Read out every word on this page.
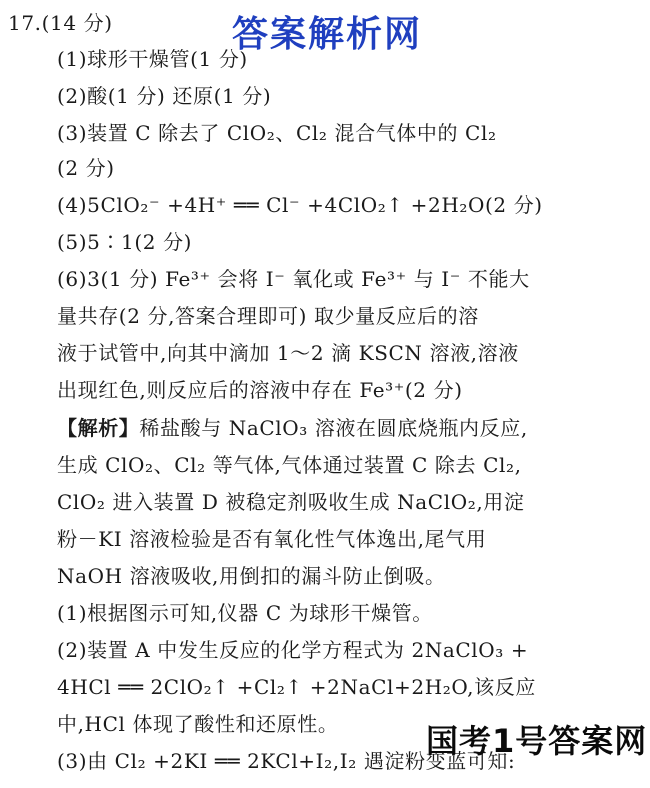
答案解析网
17.(14 分)
(1)球形干燥管(1 分)
(2)酸(1 分) 还原(1 分)
(3)装置 C 除去了 ClO₂、Cl₂ 混合气体中的 Cl₂
(2 分)
(4)5ClO₂⁻ +4H⁺ ══ Cl⁻ +4ClO₂↑ +2H₂O(2 分)
(5)5∶1(2 分)
(6)3(1 分) Fe³⁺ 会将 I⁻ 氧化或 Fe³⁺ 与 I⁻ 不能大
量共存(2 分,答案合理即可) 取少量反应后的溶
液于试管中,向其中滴加 1～2 滴 KSCN 溶液,溶液
出现红色,则反应后的溶液中存在 Fe³⁺(2 分)
【解析】稀盐酸与 NaClO₃ 溶液在圆底烧瓶内反应,
生成 ClO₂、Cl₂ 等气体,气体通过装置 C 除去 Cl₂,
ClO₂ 进入装置 D 被稳定剂吸收生成 NaClO₂,用淀
粉－KI 溶液检验是否有氧化性气体逸出,尾气用
NaOH 溶液吸收,用倒扣的漏斗防止倒吸。
(1)根据图示可知,仪器 C 为球形干燥管。
(2)装置 A 中发生反应的化学方程式为 2NaClO₃ +
4HCl ══ 2ClO₂↑ +Cl₂↑ +2NaCl+2H₂O,该反应
中,HCl 体现了酸性和还原性。
(3)由 Cl₂ +2KI ══ 2KCl+I₂,I₂ 遇淀粉变蓝可知:
国考1号答案网
